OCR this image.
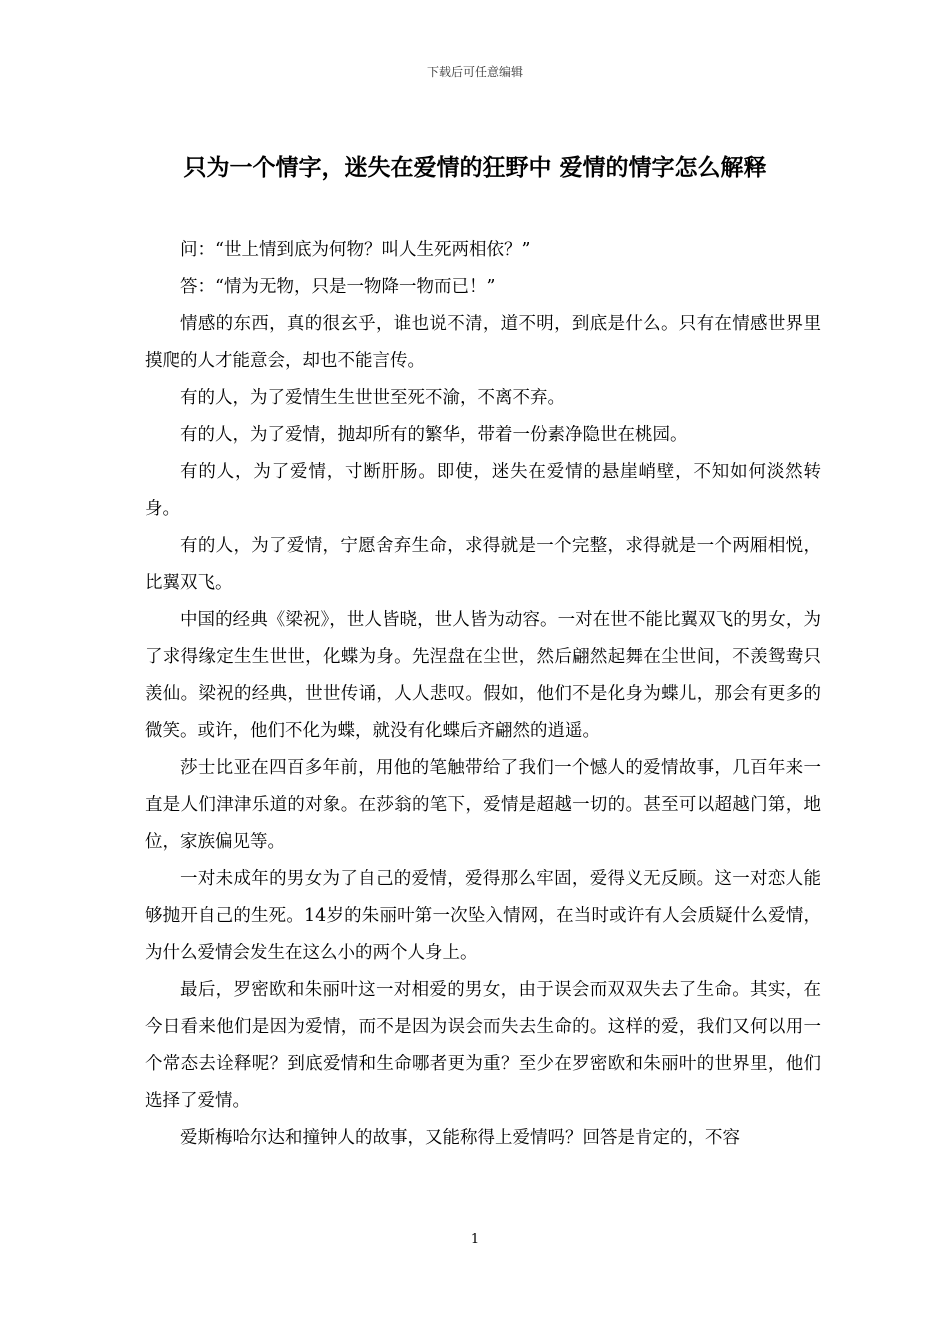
下载后可任意编辑
只为一个情字，迷失在爱情的狂野中 爱情的情字怎么解释

问：“世上情到底为何物？叫人生死两相依？”

答：“情为无物，只是一物降一物而已！”

情感的东西，真的很玄乎，谁也说不清，道不明，到底是什么。只有在情感世界里摸爬的人才能意会，却也不能言传。

有的人，为了爱情生生世世至死不渝，不离不弃。

有的人，为了爱情，抛却所有的繁华，带着一份素净隐世在桃园。

有的人，为了爱情，寸断肝肠。即使，迷失在爱情的悬崖峭壁，不知如何淡然转身。

有的人，为了爱情，宁愿舍弃生命，求得就是一个完整，求得就是一个两厢相悦，比翼双飞。

中国的经典《梁祝》，世人皆晓，世人皆为动容。一对在世不能比翼双飞的男女，为了求得缘定生生世世，化蝶为身。先涅盘在尘世，然后翩然起舞在尘世间，不羡鸳鸯只羡仙。梁祝的经典，世世传诵，人人悲叹。假如，他们不是化身为蝶儿，那会有更多的微笑。或许，他们不化为蝶，就没有化蝶后齐翩然的逍遥。

莎士比亚在四百多年前，用他的笔触带给了我们一个憾人的爱情故事，几百年来一直是人们津津乐道的对象。在莎翁的笔下，爱情是超越一切的。甚至可以超越门第，地位，家族偏见等。

一对未成年的男女为了自己的爱情，爱得那么牢固，爱得义无反顾。这一对恋人能够抛开自己的生死。14岁的朱丽叶第一次坠入情网，在当时或许有人会质疑什么爱情，为什么爱情会发生在这么小的两个人身上。

最后，罗密欧和朱丽叶这一对相爱的男女，由于误会而双双失去了生命。其实，在今日看来他们是因为爱情，而不是因为误会而失去生命的。这样的爱，我们又何以用一个常态去诠释呢？到底爱情和生命哪者更为重？至少在罗密欧和朱丽叶的世界里，他们选择了爱情。

爱斯梅哈尔达和撞钟人的故事，又能称得上爱情吗？回答是肯定的，不容

1
